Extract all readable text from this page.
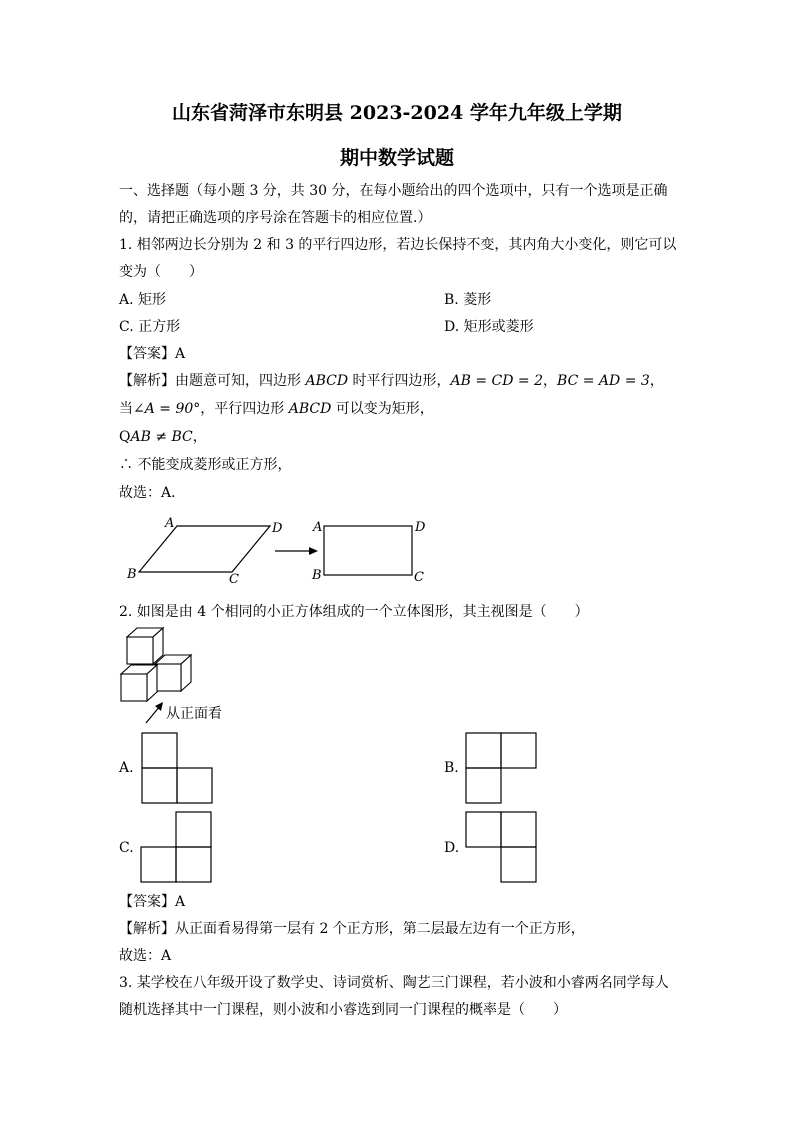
山东省菏泽市东明县 2023-2024 学年九年级上学期
期中数学试题
一、选择题（每小题 3 分，共 30 分，在每小题给出的四个选项中，只有一个选项是正确
的，请把正确选项的序号涂在答题卡的相应位置.）
1. 相邻两边长分别为 2 和 3 的平行四边形，若边长保持不变，其内角大小变化，则它可以
变为（　　）
A. 矩形	B. 菱形
C. 正方形	D. 矩形或菱形
【答案】A
【解析】由题意可知，四边形 ABCD 时平行四边形，AB = CD = 2，BC = AD = 3，
当∠A = 90°，平行四边形 ABCD 可以变为矩形，
QAB ≠ BC，
∴ 不能变成菱形或正方形，
故选：A．
A	D
B	C
A	D
B	C
2. 如图是由 4 个相同的小正方体组成的一个立体图形，其主视图是（　　）
从正面看
A.	B.
C.	D.
【答案】A
【解析】从正面看易得第一层有 2 个正方形，第二层最左边有一个正方形，
故选：A
3. 某学校在八年级开设了数学史、诗词赏析、陶艺三门课程，若小波和小睿两名同学每人
随机选择其中一门课程，则小波和小睿选到同一门课程的概率是（　　）
